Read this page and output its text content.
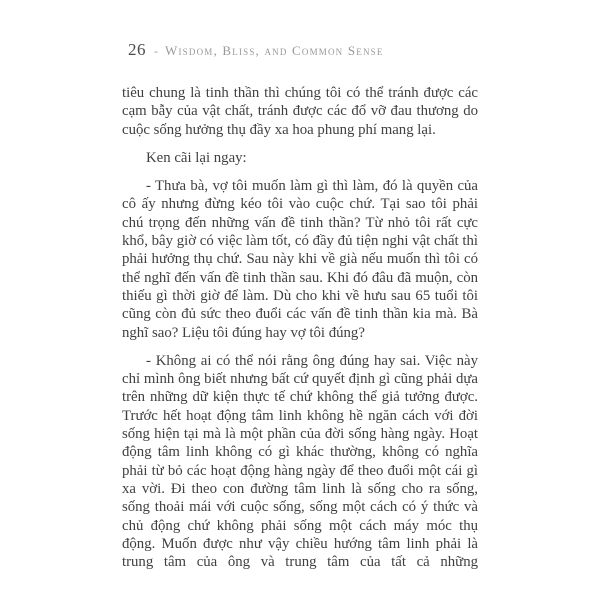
26 - Wisdom, Bliss, and Common Sense

tiêu chung là tinh thần thì chúng tôi có thể tránh được các cạm bẫy của vật chất, tránh được các đổ vỡ đau thương do cuộc sống hưởng thụ đầy xa hoa phung phí mang lại.

Ken cãi lại ngay:

- Thưa bà, vợ tôi muốn làm gì thì làm, đó là quyền của cô ấy nhưng đừng kéo tôi vào cuộc chứ. Tại sao tôi phải chú trọng đến những vấn đề tinh thần? Từ nhỏ tôi rất cực khổ, bây giờ có việc làm tốt, có đầy đủ tiện nghi vật chất thì phải hưởng thụ chứ. Sau này khi về già nếu muốn thì tôi có thể nghĩ đến vấn đề tinh thần sau. Khi đó đâu đã muộn, còn thiếu gì thời giờ để làm. Dù cho khi về hưu sau 65 tuổi tôi cũng còn đủ sức theo đuổi các vấn đề tinh thần kia mà. Bà nghĩ sao? Liệu tôi đúng hay vợ tôi đúng?

- Không ai có thể nói rằng ông đúng hay sai. Việc này chỉ mình ông biết nhưng bất cứ quyết định gì cũng phải dựa trên những dữ kiện thực tế chứ không thể giả tưởng được. Trước hết hoạt động tâm linh không hề ngăn cách với đời sống hiện tại mà là một phần của đời sống hàng ngày. Hoạt động tâm linh không có gì khác thường, không có nghĩa phải từ bỏ các hoạt động hàng ngày để theo đuổi một cái gì xa vời. Đi theo con đường tâm linh là sống cho ra sống, sống thoải mái với cuộc sống, sống một cách có ý thức và chủ động chứ không phải sống một cách máy móc thụ động. Muốn được như vậy chiều hướng tâm linh phải là trung tâm của ông và trung tâm của tất cả những
